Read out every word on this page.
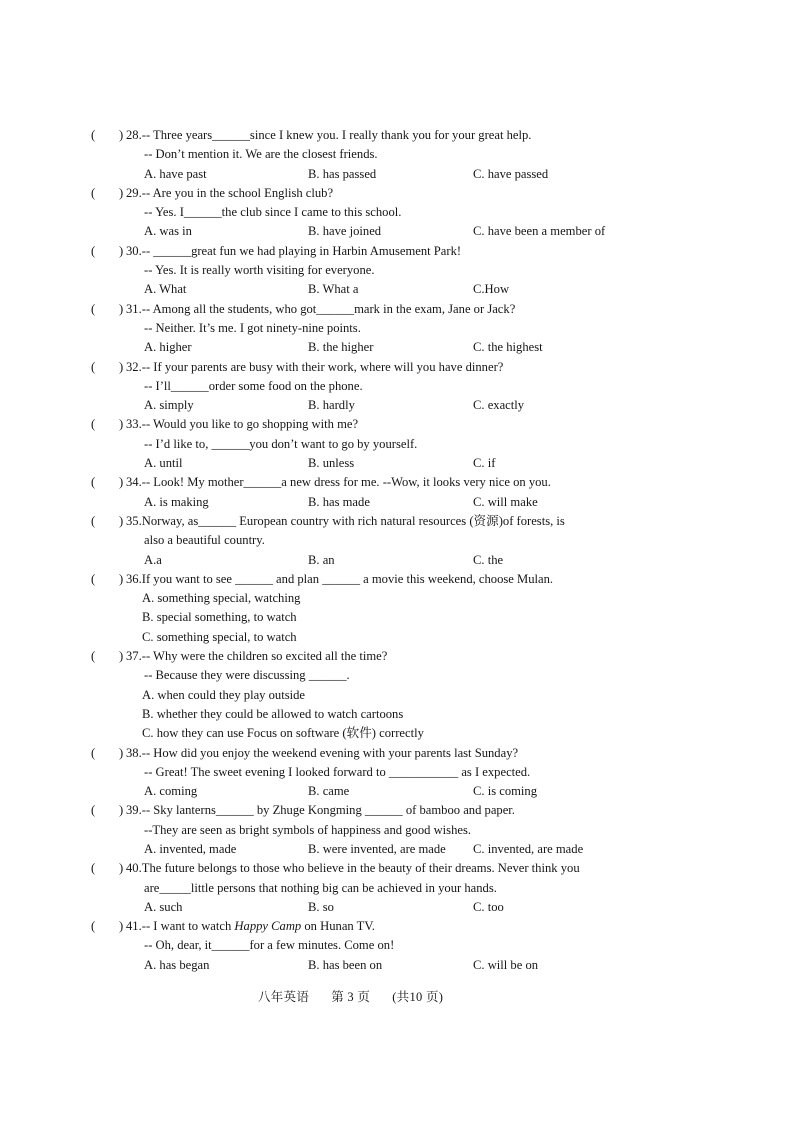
( ) 28.-- Three years______since I knew you. I really thank you for your great help.
-- Don’t mention it. We are the closest friends.
A. have past	B. has passed	C. have passed
( ) 29.-- Are you in the school English club?
-- Yes. I______the club since I came to this school.
A. was in	B. have joined	C. have been a member of
( ) 30.-- ______great fun we had playing in Harbin Amusement Park!
-- Yes. It is really worth visiting for everyone.
A. What	B. What a	C.How
( ) 31.-- Among all the students, who got______mark in the exam, Jane or Jack?
-- Neither. It’s me. I got ninety-nine points.
A. higher	B. the higher	C. the highest
( ) 32.-- If your parents are busy with their work, where will you have dinner?
-- I’ll______order some food on the phone.
A. simply	B. hardly	C. exactly
( ) 33.-- Would you like to go shopping with me?
-- I’d like to, ______you don’t want to go by yourself.
A. until	B. unless	C. if
( ) 34.-- Look! My mother______a new dress for me. --Wow, it looks very nice on you.
A. is making	B. has made	C. will make
( ) 35.Norway, as______ European country with rich natural resources (资源)of forests, is
also a beautiful country.
A.a	B. an	C. the
( ) 36.If you want to see ______ and plan ______ a movie this weekend, choose Mulan.
A. something special, watching
B. special something, to watch
C. something special, to watch
( ) 37.-- Why were the children so excited all the time?
-- Because they were discussing ______.
A. when could they play outside
B. whether they could be allowed to watch cartoons
C. how they can use Focus on software (软件) correctly
( ) 38.-- How did you enjoy the weekend evening with your parents last Sunday?
-- Great! The sweet evening I looked forward to ___________ as I expected.
A. coming	B. came	C. is coming
( ) 39.-- Sky lanterns______ by Zhuge Kongming ______ of bamboo and paper.
--They are seen as bright symbols of happiness and good wishes.
A. invented, made	B. were invented, are made C. invented, are made
( ) 40.The future belongs to those who believe in the beauty of their dreams. Never think you
are_____little persons that nothing big can be achieved in your hands.
A. such	B. so	C. too
( ) 41.-- I want to watch Happy Camp on Hunan TV.
-- Oh, dear, it______for a few minutes. Come on!
A. has began	B. has been on	C. will be on
八年英语 第 3 页 (共10 页)
